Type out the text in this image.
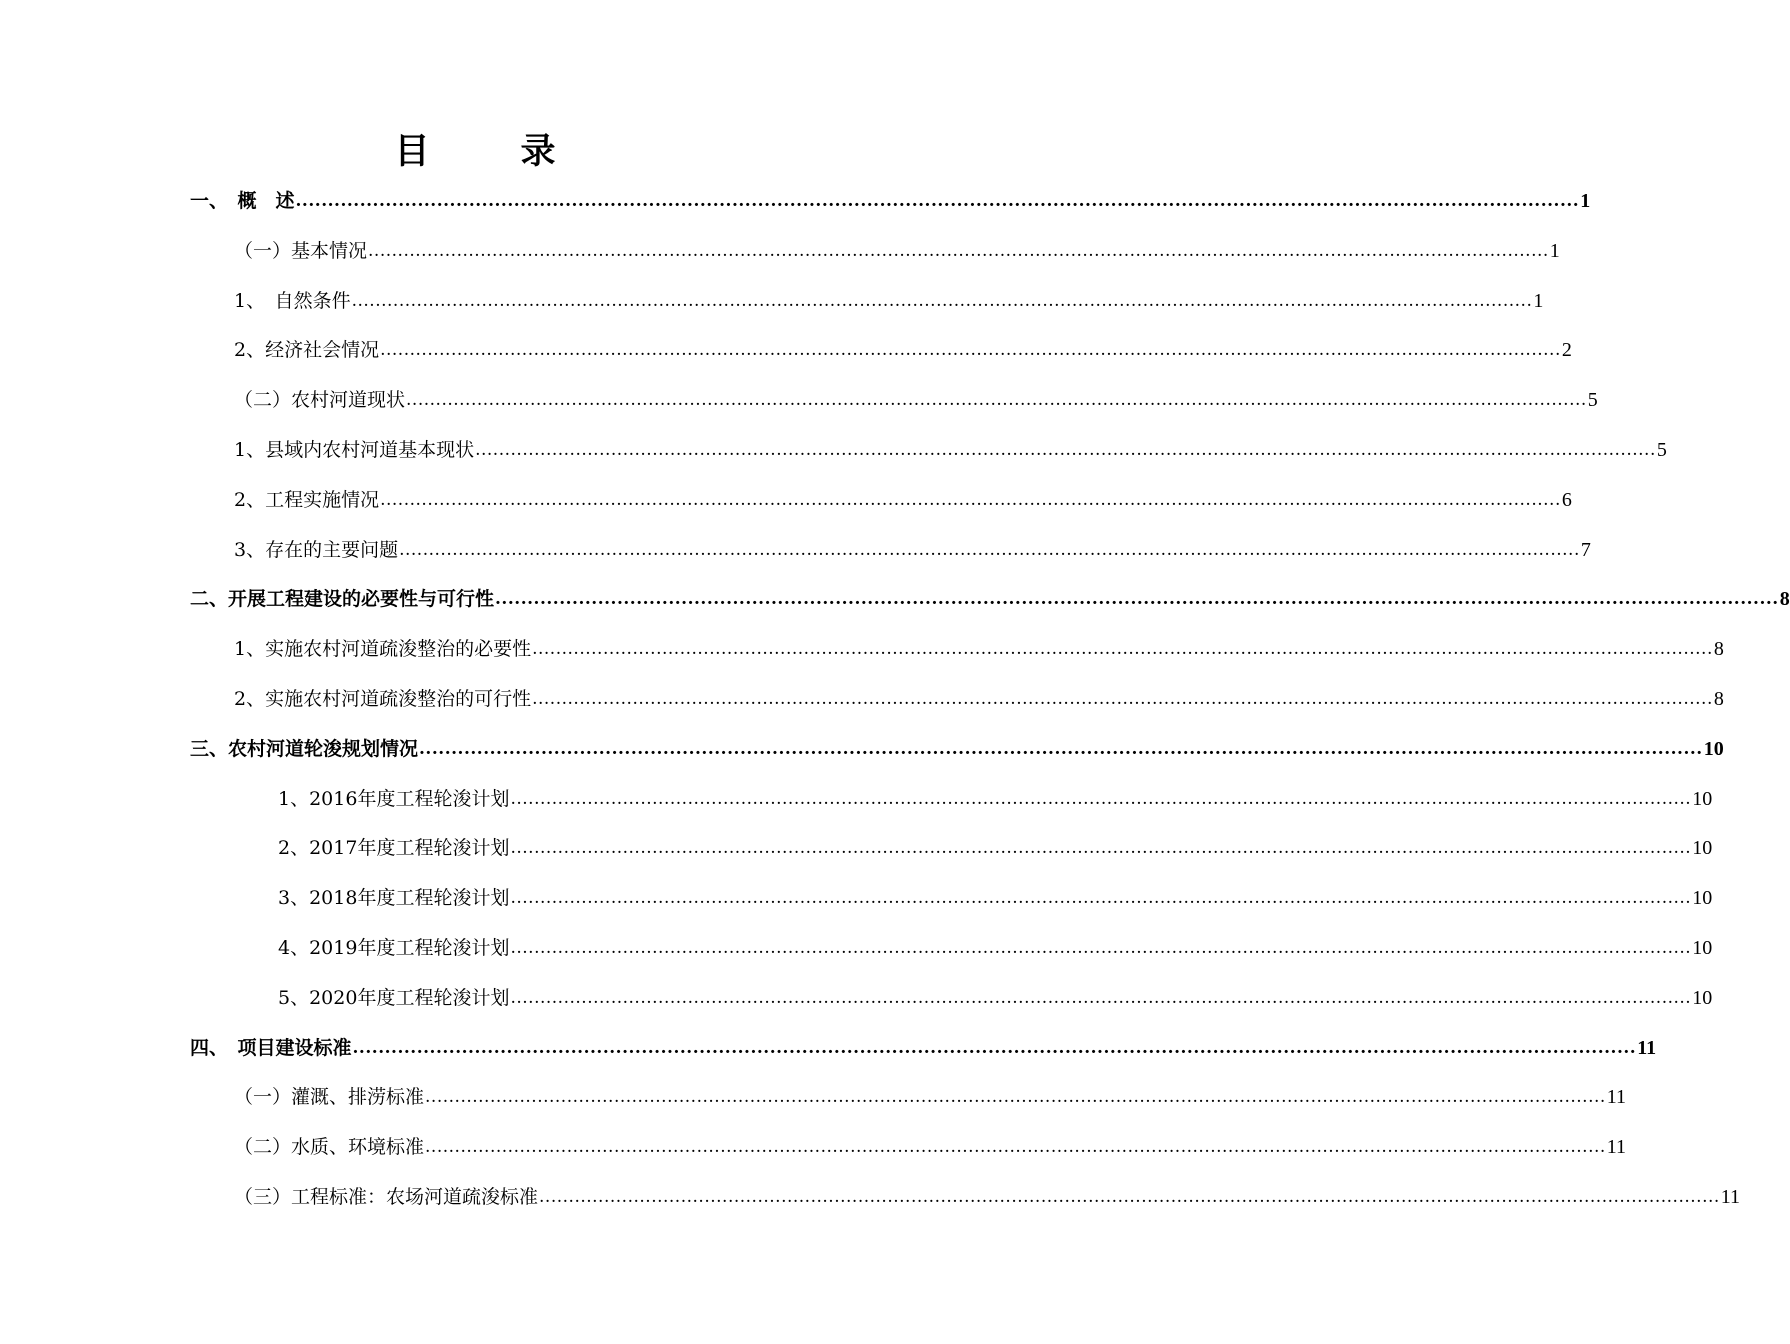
目　录
一、　概　述 ........................................................................................................................................................................................................ 1
（一）基本情况 ........................................................................................................................................................................................................ 1
1、　自然条件 ........................................................................................................................................................................................................ 1
2、经济社会情况 ........................................................................................................................................................................................................ 2
（二）农村河道现状 ........................................................................................................................................................................................................ 5
1、县域内农村河道基本现状 ........................................................................................................................................................................................................ 5
2、工程实施情况 ........................................................................................................................................................................................................ 6
3、存在的主要问题 ........................................................................................................................................................................................................ 7
二、开展工程建设的必要性与可行性 ........................................................................................................................................................................................................ 8
1、实施农村河道疏浚整治的必要性 ........................................................................................................................................................................................................ 8
2、实施农村河道疏浚整治的可行性 ........................................................................................................................................................................................................ 8
三、农村河道轮浚规划情况 ........................................................................................................................................................................................................ 10
1、2016年度工程轮浚计划 ........................................................................................................................................................................................................ 10
2、2017年度工程轮浚计划 ........................................................................................................................................................................................................ 10
3、2018年度工程轮浚计划 ........................................................................................................................................................................................................ 10
4、2019年度工程轮浚计划 ........................................................................................................................................................................................................ 10
5、2020年度工程轮浚计划 ........................................................................................................................................................................................................ 10
四、　项目建设标准 ........................................................................................................................................................................................................ 11
（一）灌溉、排涝标准 ........................................................................................................................................................................................................ 11
（二）水质、环境标准 ........................................................................................................................................................................................................ 11
（三）工程标准：农场河道疏浚标准 ........................................................................................................................................................................................................ 11
